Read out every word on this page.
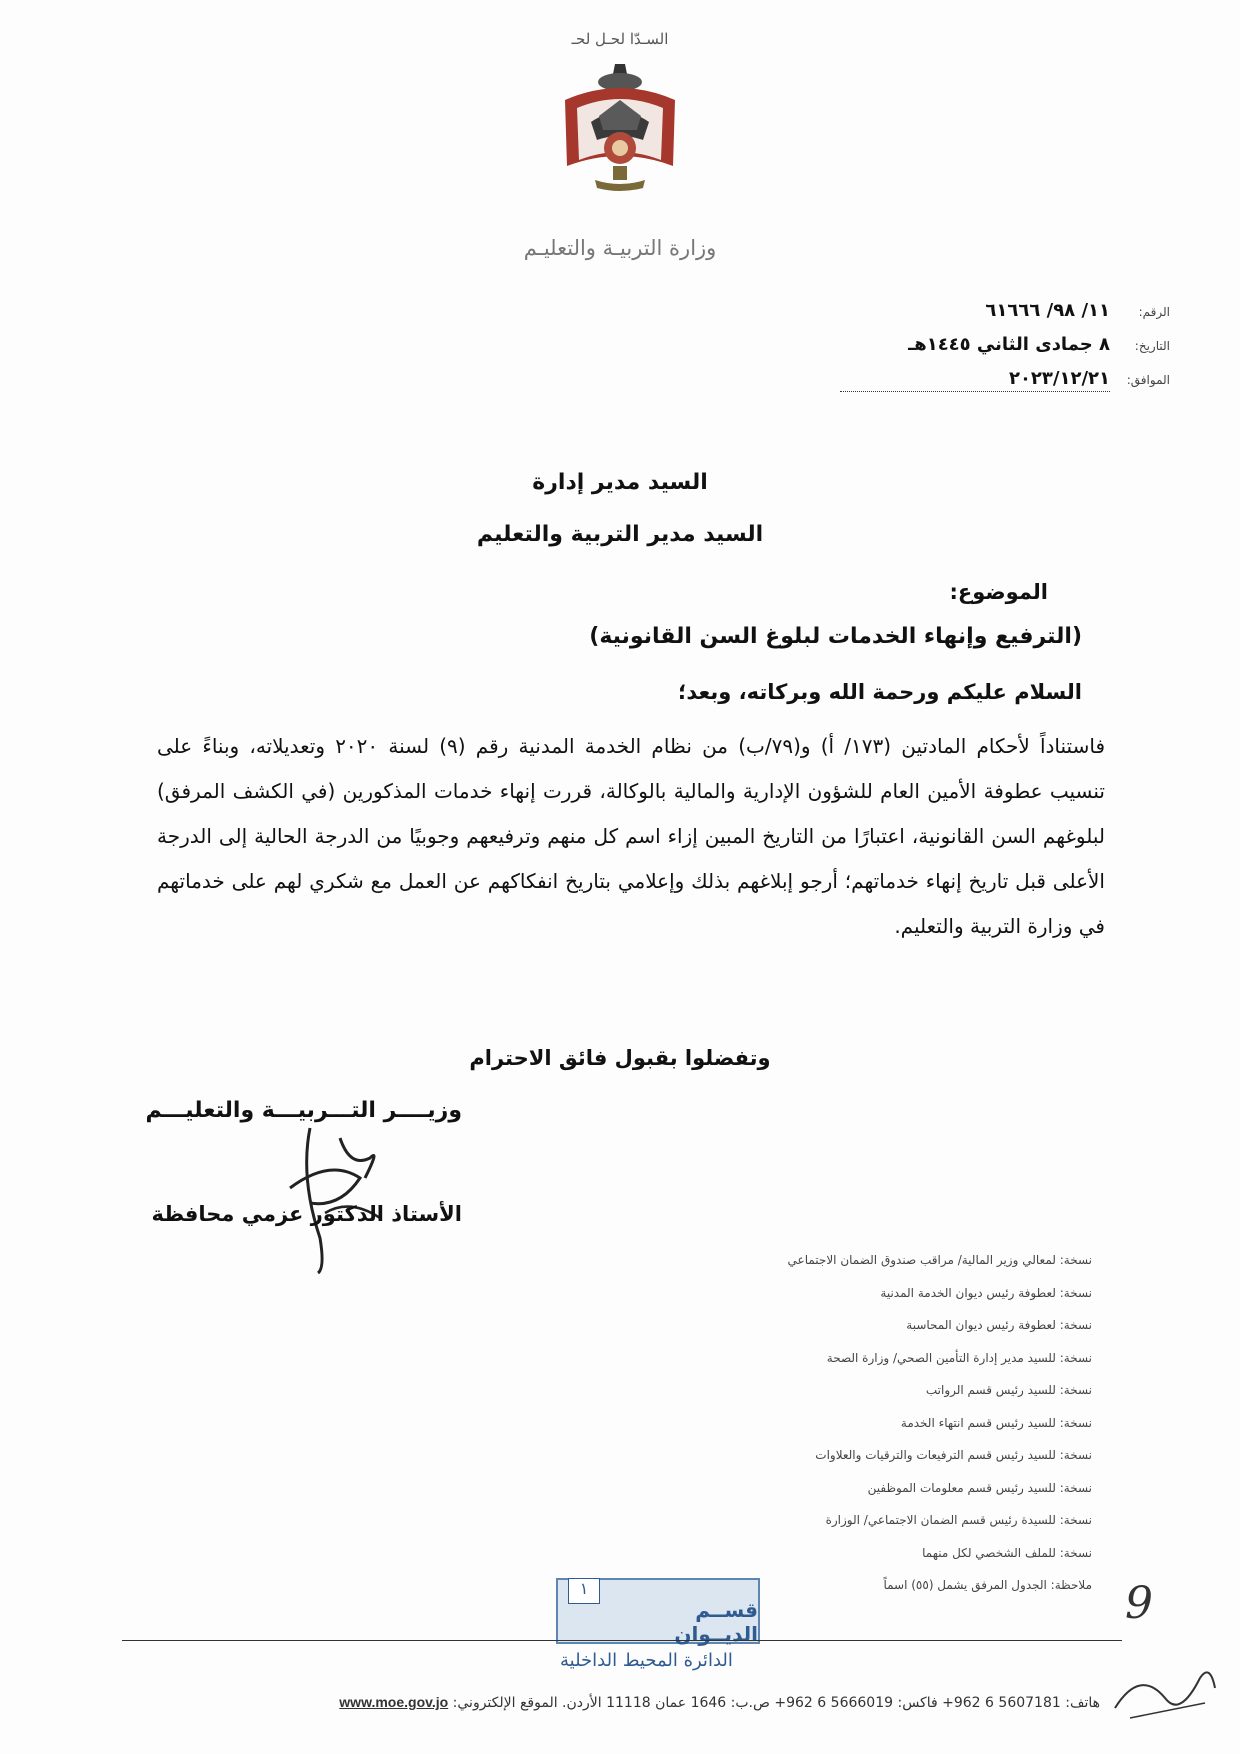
السـدّا لحـل لحـ
وزارة التربيـة والتعليـم
الرقم:
١١/ ٩٨/ ٦١٦٦٦
التاريخ:
٨ جمادى الثاني ١٤٤٥هـ
الموافق:
٢٠٢٣/١٢/٢١
السيد مدير إدارة
السيد مدير التربية والتعليم
الموضوع:
(الترفيع وإنهاء الخدمات لبلوغ السن القانونية)
السلام عليكم ورحمة الله وبركاته، وبعد؛
فاستناداً لأحكام المادتين (١٧٣/ أ) و(٧٩/ب) من نظام الخدمة المدنية رقم (٩) لسنة ٢٠٢٠ وتعديلاته، وبناءً على تنسيب عطوفة الأمين العام للشؤون الإدارية والمالية بالوكالة، قررت إنهاء خدمات المذكورين (في الكشف المرفق) لبلوغهم السن القانونية، اعتبارًا من التاريخ المبين إزاء اسم كل منهم وترفيعهم وجوبيًا من الدرجة الحالية إلى الدرجة الأعلى قبل تاريخ إنهاء خدماتهم؛ أرجو إبلاغهم بذلك وإعلامي بتاريخ انفكاكهم عن العمل مع شكري لهم على خدماتهم في وزارة التربية والتعليم.
وتفضلوا بقبول فائق الاحترام
وزيــــر التـــربيـــة والتعليـــم
الأستاذ الدكتور عزمي محافظة
نسخة: لمعالي وزير المالية/ مراقب صندوق الضمان الاجتماعي
نسخة: لعطوفة رئيس ديوان الخدمة المدنية
نسخة: لعطوفة رئيس ديوان المحاسبة
نسخة: للسيد مدير إدارة التأمين الصحي/ وزارة الصحة
نسخة: للسيد رئيس قسم الرواتب
نسخة: للسيد رئيس قسم انتهاء الخدمة
نسخة: للسيد رئيس قسم الترفيعات والترقيات والعلاوات
نسخة: للسيد رئيس قسم معلومات الموظفين
نسخة: للسيدة رئيس قسم الضمان الاجتماعي/ الوزارة
نسخة: للملف الشخصي لكل منهما
ملاحظة: الجدول المرفق يشمل (٥٥) اسماً
١
قســم الديــوان
الدائرة المحيط الداخلية
9
هاتف: 5607181 6 962+ فاكس: 5666019 6 962+ ص.ب: 1646 عمان 11118 الأردن. الموقع الإلكتروني: www.moe.gov.jo
